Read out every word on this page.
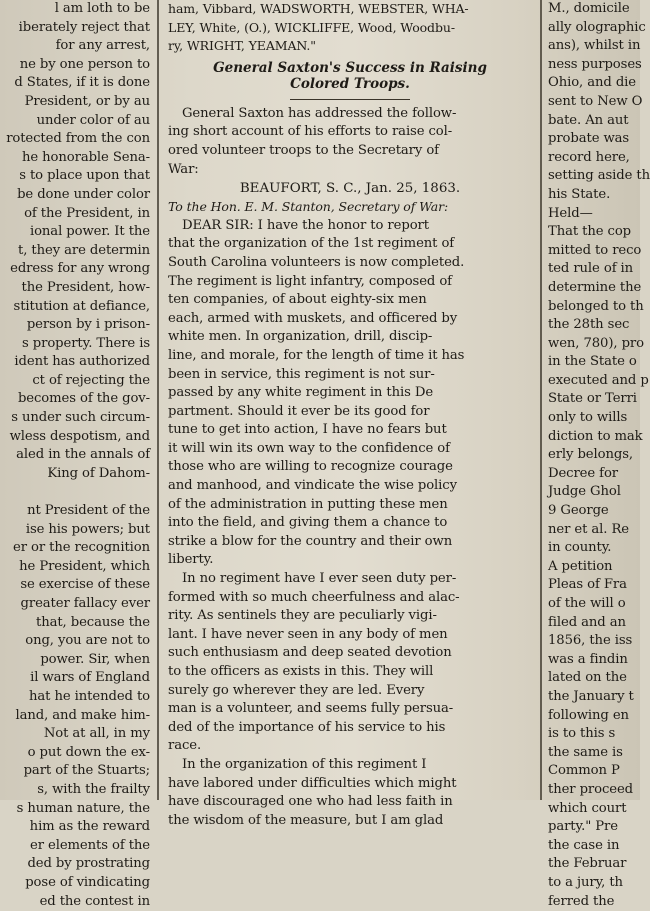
l am loth to be
iberately reject that
for any arrest,
ne by one person to
d States, if it is done
President, or by au
under color of au
rotected from the con
he honorable Sena-
s to place upon that
be done under color
of the President, in
ional power. It the
t, they are determin
edress for any wrong
the President, how-
stitution at defiance,
person by i prison-
s property. There is
ident has authorized
ct of rejecting the
becomes of the gov-
s under such circum-
wless despotism, and
aled in the annals of
King of Dahom-

nt President of the
ise his powers; but
er or the recognition
he President, which
se exercise of these
greater fallacy ever
that, because the
ong, you are not to
power. Sir, when
il wars of England
hat he intended to
land, and make him-
Not at all, in my
o put down the ex-
part of the Stuarts;
s, with the frailty
s human nature, the
him as the reward
er elements of the
ded by prostrating
pose of vindicating
ed the contest in
ham, Vibbard, WADSWORTH, WEBSTER, WHA-
LEY, White, (O.), WICKLIFFE, Wood, Woodbu-
ry, WRIGHT, YEAMAN."
General Saxton's Success in Raising
Colored Troops.
General Saxton has addressed the follow-
ing short account of his efforts to raise col-
ored volunteer troops to the Secretary of
War:
BEAUFORT, S. C., Jan. 25, 1863.
To the Hon. E. M. Stanton, Secretary of War:
DEAR SIR: I have the honor to report
that the organization of the 1st regiment of
South Carolina volunteers is now completed.
The regiment is light infantry, composed of
ten companies, of about eighty-six men
each, armed with muskets, and officered by
white men. In organization, drill, discip-
line, and morale, for the length of time it has
been in service, this regiment is not sur-
passed by any white regiment in this De
partment. Should it ever be its good for
tune to get into action, I have no fears but
it will win its own way to the confidence of
those who are willing to recognize courage
and manhood, and vindicate the wise policy
of the administration in putting these men
into the field, and giving them a chance to
strike a blow for the country and their own
liberty.
In no regiment have I ever seen duty per-
formed with so much cheerfulness and alac-
rity. As sentinels they are peculiarly vigi-
lant. I have never seen in any body of men
such enthusiasm and deep seated devotion
to the officers as exists in this. They will
surely go wherever they are led. Every
man is a volunteer, and seems fully persua-
ded of the importance of his service to his
race.
In the organization of this regiment I
have labored under difficulties which might
have discouraged one who had less faith in
the wisdom of the measure, but I am glad
M., domicile
ally olographic
ans), whilst in
ness purposes
Ohio, and die
sent to New O
bate. An aut
probate was
record here,
setting aside th
his State.
Held—
That the cop
mitted to reco
ted rule of in
determine the
belonged to th
the 28th sec
wen, 780), pro
in the State o
executed and p
State or Terri
only to wills
diction to mak
erly belongs,
Decree for
Judge Ghol
9 George
ner et al. Re
in county.
A petition
Pleas of Fra
of the will o
filed and an
1856, the iss
was a findin
lated on the
the January t
following en
is to this s
the same is
Common P
ther proceed
which court
party." Pre
the case in
the Februar
to a jury, th
ferred the
